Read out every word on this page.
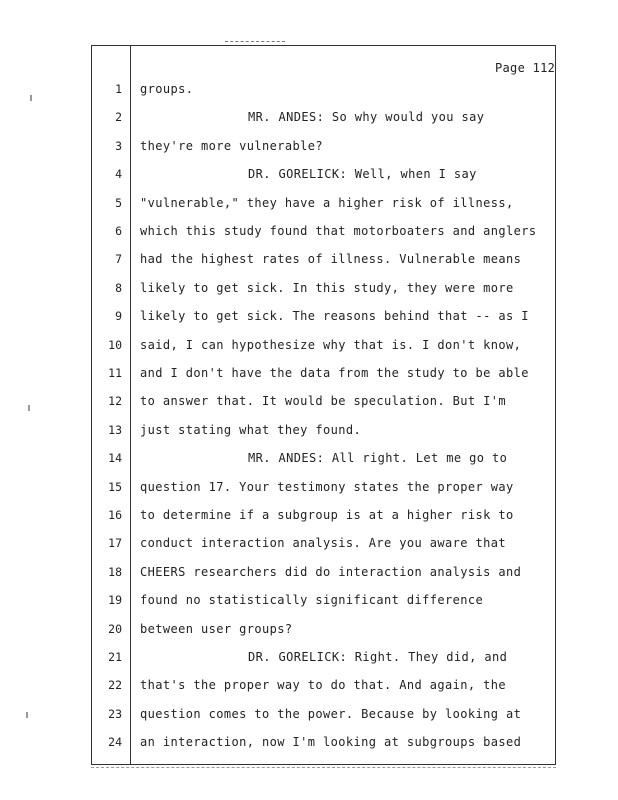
Page 112
1 groups.
2	MR. ANDES: So why would you say
3 they're more vulnerable?
4	DR. GORELICK: Well, when I say
5 "vulnerable," they have a higher risk of illness,
6 which this study found that motorboaters and anglers
7 had the highest rates of illness. Vulnerable means
8 likely to get sick. In this study, they were more
9 likely to get sick. The reasons behind that -- as I
10 said, I can hypothesize why that is. I don't know,
11 and I don't have the data from the study to be able
12 to answer that. It would be speculation. But I'm
13 just stating what they found.
14	MR. ANDES: All right. Let me go to
15 question 17. Your testimony states the proper way
16 to determine if a subgroup is at a higher risk to
17 conduct interaction analysis. Are you aware that
18 CHEERS researchers did do interaction analysis and
19 found no statistically significant difference
20 between user groups?
21	DR. GORELICK: Right. They did, and
22 that's the proper way to do that. And again, the
23 question comes to the power. Because by looking at
24 an interaction, now I'm looking at subgroups based
